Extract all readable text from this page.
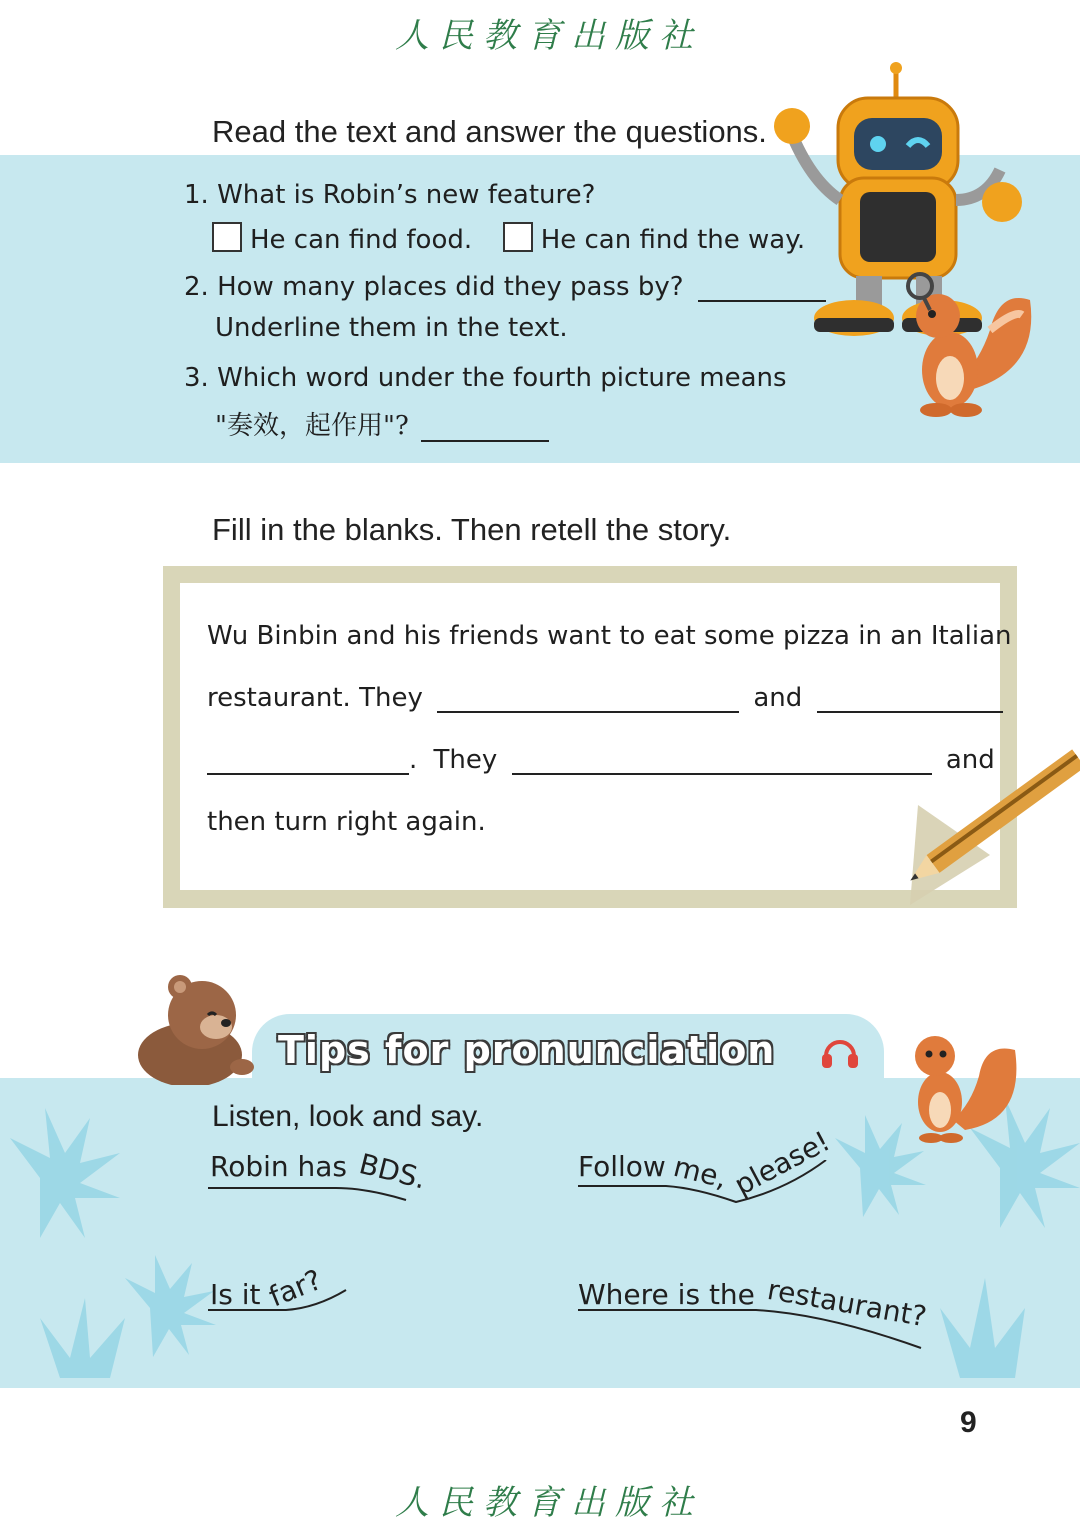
人民教育出版社
Read the text and answer the questions.
1. What is Robin’s new feature?
He can find food.	He can find the way.
2. How many places did they pass by?
Underline them in the text.
3. Which word under the fourth picture means
"奏效，起作用"?
Fill in the blanks. Then retell the story.
Wu Binbin and his friends want to eat some pizza in an Italian
restaurant. They	and
. They	and
then turn right again.
Tips for pronunciation
Listen, look and say.
Robin has BDS.	Follow me, please!
Is it far?	Where is the restaurant?
9
人民教育出版社
